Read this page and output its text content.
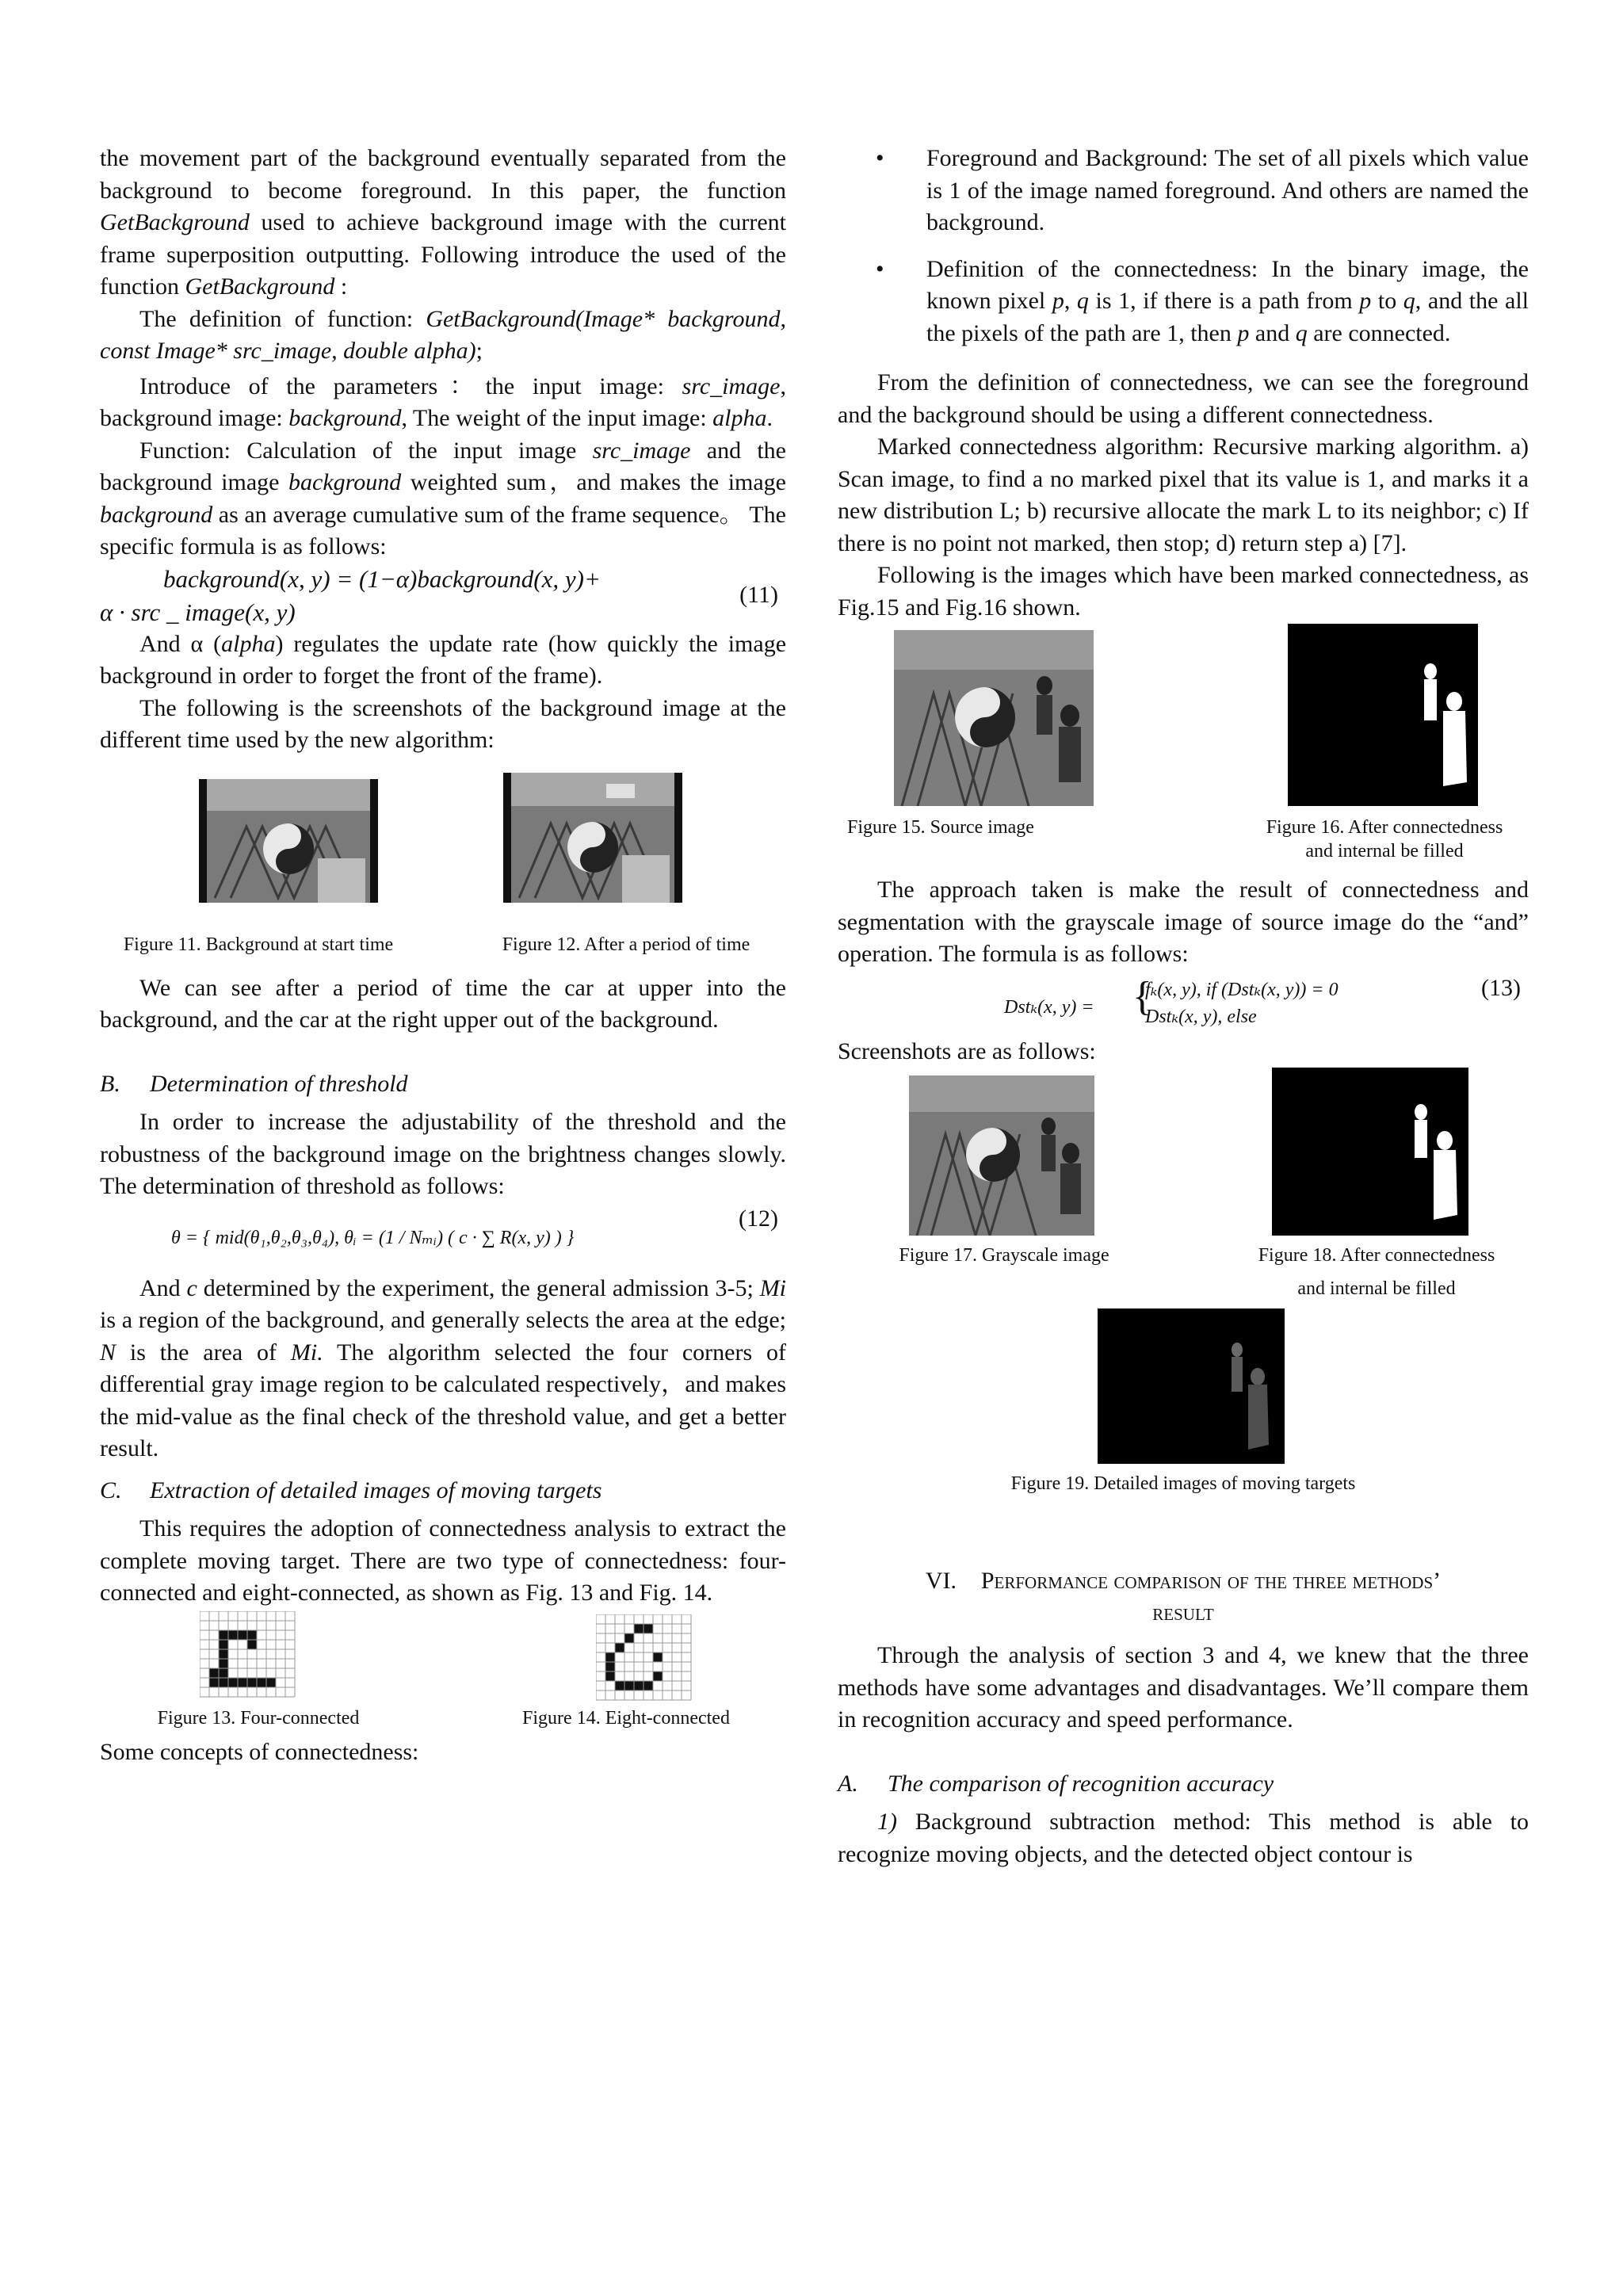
the movement part of the background eventually separated from the background to become foreground. In this paper, the function GetBackground used to achieve background image with the current frame superposition outputting. Following introduce the used of the function GetBackground :

The definition of function: GetBackground(Image* background, const Image* src_image, double alpha);

Introduce of the parameters：the input image: src_image, background image: background, The weight of the input image: alpha.

Function: Calculation of the input image src_image and the background image background weighted sum，and makes the image background as an average cumulative sum of the frame sequence。 The specific formula is as follows:

background(x, y) = (1−α)background(x, y)+
α · src _ image(x, y)
(11)

And α (alpha) regulates the update rate (how quickly the image background in order to forget the front of the frame).

The following is the screenshots of the background image at the different time used by the new algorithm:

Figure 11. Background at start time	Figure 12. After a period of time

We can see after a period of time the car at upper into the background, and the car at the right upper out of the background.

B. Determination of threshold

In order to increase the adjustability of the threshold and the robustness of the background image on the brightness changes slowly. The determination of threshold as follows:

θ = { mid(θ₁,θ₂,θ₃,θ₄), θᵢ = (1 / Nₘᵢ) ( c · ∑ R(x, y) ) }
(12)

And c determined by the experiment, the general admission 3-5; Mi is a region of the background, and generally selects the area at the edge; N is the area of Mi. The algorithm selected the four corners of differential gray image region to be calculated respectively，and makes the mid-value as the final check of the threshold value, and get a better result.

C. Extraction of detailed images of moving targets

This requires the adoption of connectedness analysis to extract the complete moving target. There are two type of connectedness: four-connected and eight-connected, as shown as Fig. 13 and Fig. 14.

Figure 13. Four-connected	Figure 14. Eight-connected

Some concepts of connectedness:

• Foreground and Background: The set of all pixels which value is 1 of the image named foreground. And others are named the background.

• Definition of the connectedness: In the binary image, the known pixel p, q is 1, if there is a path from p to q, and the all the pixels of the path are 1, then p and q are connected.

From the definition of connectedness, we can see the foreground and the background should be using a different connectedness.

Marked connectedness algorithm: Recursive marking algorithm. a) Scan image, to find a no marked pixel that its value is 1, and marks it a new distribution L; b) recursive allocate the mark L to its neighbor; c) If there is no point not marked, then stop; d) return step a) [7].

Following is the images which have been marked connectedness, as Fig.15 and Fig.16 shown.

Figure 15. Source image	Figure 16. After connectedness
and internal be filled

The approach taken is make the result of connectedness and segmentation with the grayscale image of source image do the “and” operation. The formula is as follows:

Dstₖ(x, y) = {
fₖ(x, y), if (Dstₖ(x, y)) = 0
Dstₖ(x, y), else
(13)

Screenshots are as follows:

Figure 17. Grayscale image	Figure 18. After connectedness
and internal be filled
Figure 19. Detailed images of moving targets
VI. Performance comparison of the three methods’
result

Through the analysis of section 3 and 4, we knew that the three methods have some advantages and disadvantages. We’ll compare them in recognition accuracy and speed performance.

A. The comparison of recognition accuracy

1) Background subtraction method: This method is able to recognize moving objects, and the detected object contour is
